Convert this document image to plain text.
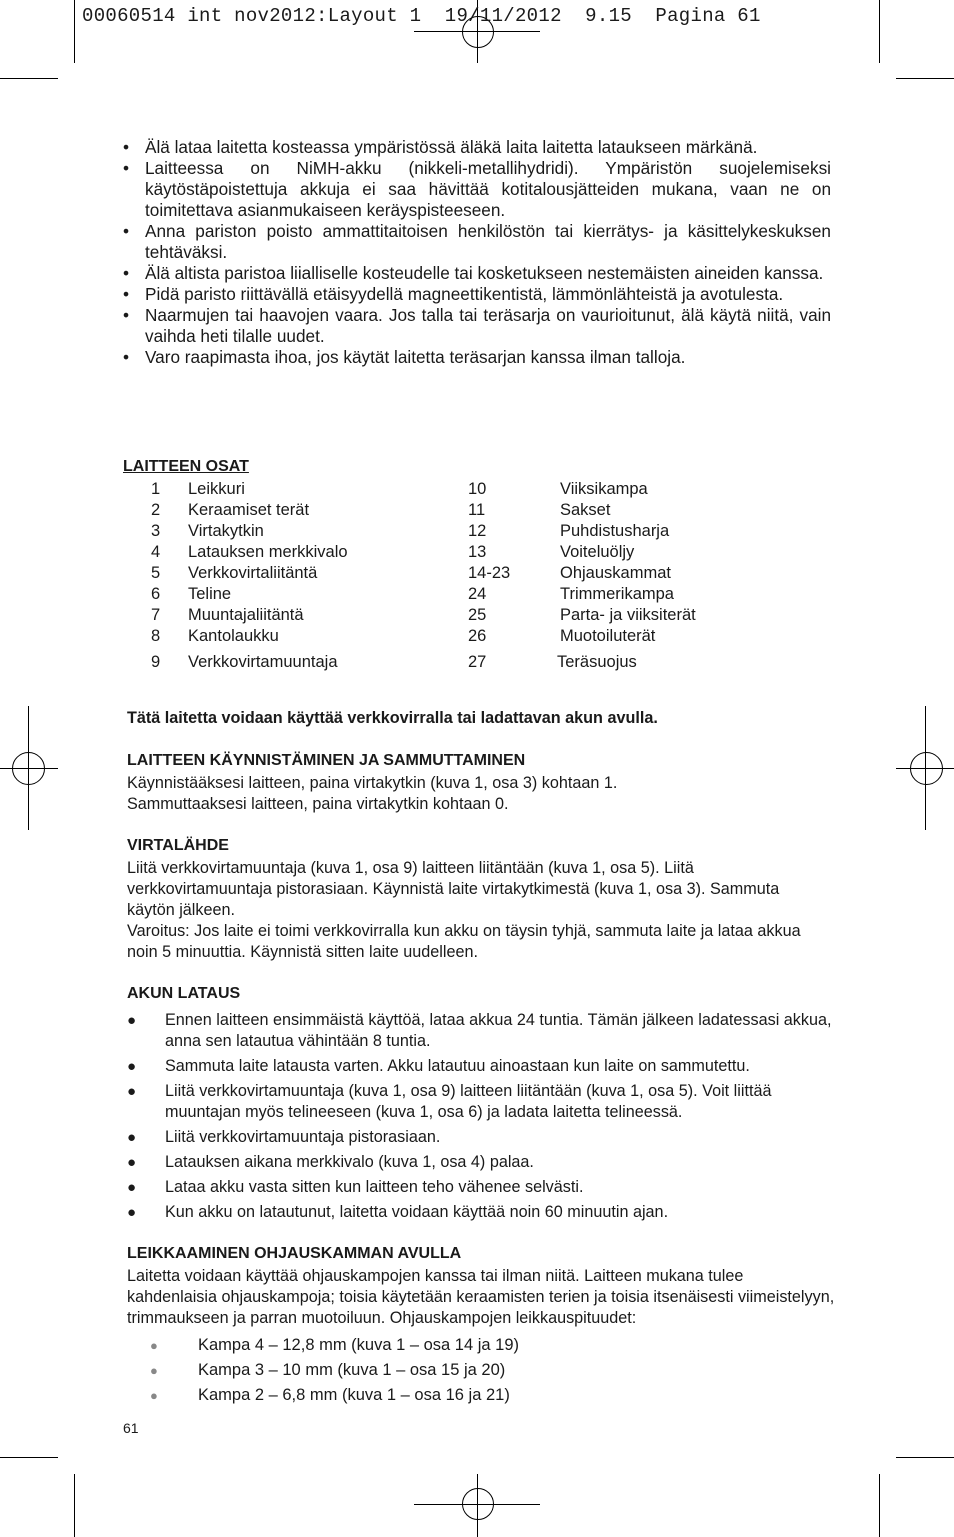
00060514 int nov2012:Layout 1  19/11/2012  9.15  Pagina 61
• Älä lataa laitetta kosteassa ympäristössä äläkä laita laitetta lataukseen märkänä.
• Laitteessa on NiMH-akku (nikkeli-metallihydridi). Ympäristön suojelemiseksi käytöstäpoistettuja akkuja ei saa hävittää kotitalousjätteiden mukana, vaan ne on toimitettava asianmukaiseen keräyspisteeseen.
• Anna pariston poisto ammattitaitoisen henkilöstön tai kierrätys- ja käsittelykeskuksen tehtäväksi.
• Älä altista paristoa liialliselle kosteudelle tai kosketukseen nestemäisten aineiden kanssa.
• Pidä paristo riittävällä etäisyydellä magneettikentistä, lämmönlähteistä ja avotulesta.
• Naarmujen tai haavojen vaara. Jos talla tai teräsarja on vaurioitunut, älä käytä niitä, vain vaihda heti tilalle uudet.
• Varo raapimasta ihoa, jos käytät laitetta teräsarjan kanssa ilman talloja.
LAITTEEN OSAT
1 Leikkuri	10	Viiksikampa
2 Keraamiset terät	11	Sakset
3 Virtakytkin	12	Puhdistusharja
4 Latauksen merkkivalo	13	Voiteluöljy
5 Verkkovirtaliitäntä	14-23	Ohjauskammat
6 Teline	24	Trimmerikampa
7 Muuntajaliitäntä	25	Parta- ja viiksiterät
8 Kantolaukku	26	Muotoiluterät
9 Verkkovirtamuuntaja	27	Teräsuojus
Tätä laitetta voidaan käyttää verkkovirralla tai ladattavan akun avulla.
LAITTEEN KÄYNNISTÄMINEN JA SAMMUTTAMINEN
Käynnistääksesi laitteen, paina virtakytkin (kuva 1, osa 3) kohtaan 1. Sammuttaaksesi laitteen, paina virtakytkin kohtaan 0.
VIRTALÄHDE
Liitä verkkovirtamuuntaja (kuva 1, osa 9) laitteen liitäntään (kuva 1, osa 5). Liitä verkkovirtamuuntaja pistorasiaan. Käynnistä laite virtakytkimestä (kuva 1, osa 3). Sammuta käytön jälkeen.
Varoitus: Jos laite ei toimi verkkovirralla kun akku on täysin tyhjä, sammuta laite ja lataa akkua noin 5 minuuttia. Käynnistä sitten laite uudelleen.
AKUN LATAUS
● Ennen laitteen ensimmäistä käyttöä, lataa akkua 24 tuntia. Tämän jälkeen ladatessasi akkua, anna sen latautua vähintään 8 tuntia.
● Sammuta laite latausta varten. Akku latautuu ainoastaan kun laite on sammutettu.
● Liitä verkkovirtamuuntaja (kuva 1, osa 9) laitteen liitäntään (kuva 1, osa 5). Voit liittää muuntajan myös telineeseen (kuva 1, osa 6) ja ladata laitetta telineessä.
● Liitä verkkovirtamuuntaja pistorasiaan.
● Latauksen aikana merkkivalo (kuva 1, osa 4) palaa.
● Lataa akku vasta sitten kun laitteen teho vähenee selvästi.
● Kun akku on latautunut, laitetta voidaan käyttää noin 60 minuutin ajan.
LEIKKAAMINEN OHJAUSKAMMAN AVULLA
Laitetta voidaan käyttää ohjauskampojen kanssa tai ilman niitä. Laitteen mukana tulee kahdenlaisia ohjauskampoja; toisia käytetään keraamisten terien ja toisia itsenäisesti viimeistelyyn, trimmaukseen ja parran muotoiluun. Ohjauskampojen leikkauspituudet:
● Kampa 4 – 12,8 mm (kuva 1 – osa 14 ja 19)
● Kampa 3 – 10 mm (kuva 1 – osa 15 ja 20)
● Kampa 2 – 6,8 mm (kuva 1 – osa 16 ja 21)
61
